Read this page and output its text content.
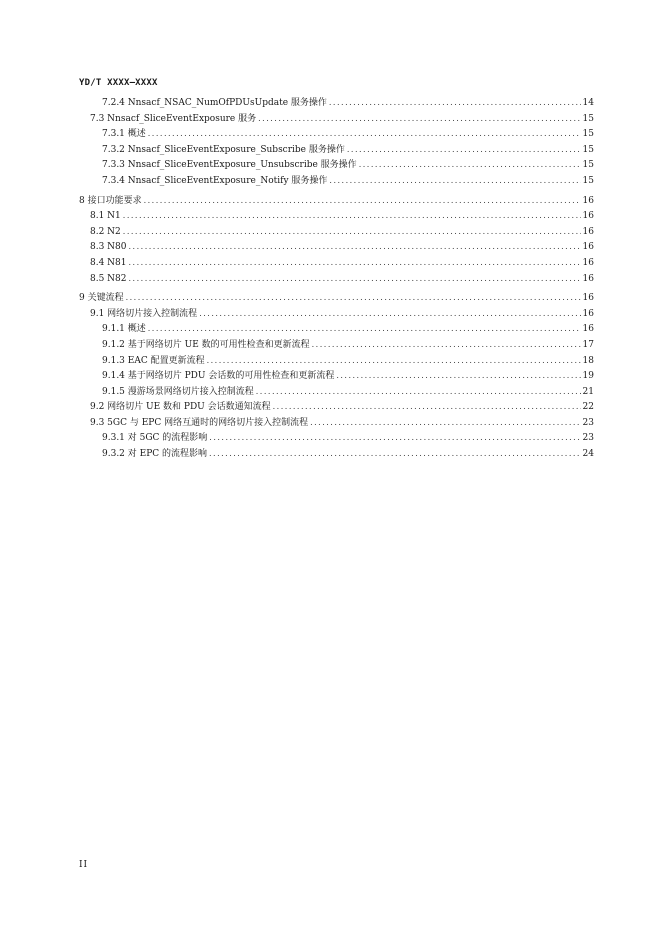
YD/T XXXX—XXXX
7.2.4 Nnsacf_NSAC_NumOfPDUsUpdate 服务操作 .....	14
7.3 Nnsacf_SliceEventExposure 服务 .....	15
7.3.1 概述 .....	15
7.3.2 Nnsacf_SliceEventExposure_Subscribe 服务操作 .....	15
7.3.3 Nnsacf_SliceEventExposure_Unsubscribe 服务操作 .....	15
7.3.4 Nnsacf_SliceEventExposure_Notify 服务操作 .....	15
8 接口功能要求 .....	16
8.1 N1 .....	16
8.2 N2 .....	16
8.3 N80 .....	16
8.4 N81 .....	16
8.5 N82 .....	16
9 关键流程 .....	16
9.1 网络切片接入控制流程 .....	16
9.1.1 概述 .....	16
9.1.2 基于网络切片 UE 数的可用性检查和更新流程 .....	17
9.1.3 EAC 配置更新流程 .....	18
9.1.4 基于网络切片 PDU 会话数的可用性检查和更新流程 .....	19
9.1.5 漫游场景网络切片接入控制流程 .....	21
9.2 网络切片 UE 数和 PDU 会话数通知流程 .....	22
9.3 5GC 与 EPC 网络互通时的网络切片接入控制流程 .....	23
9.3.1 对 5GC 的流程影响 .....	23
9.3.2 对 EPC 的流程影响 .....	24
II
